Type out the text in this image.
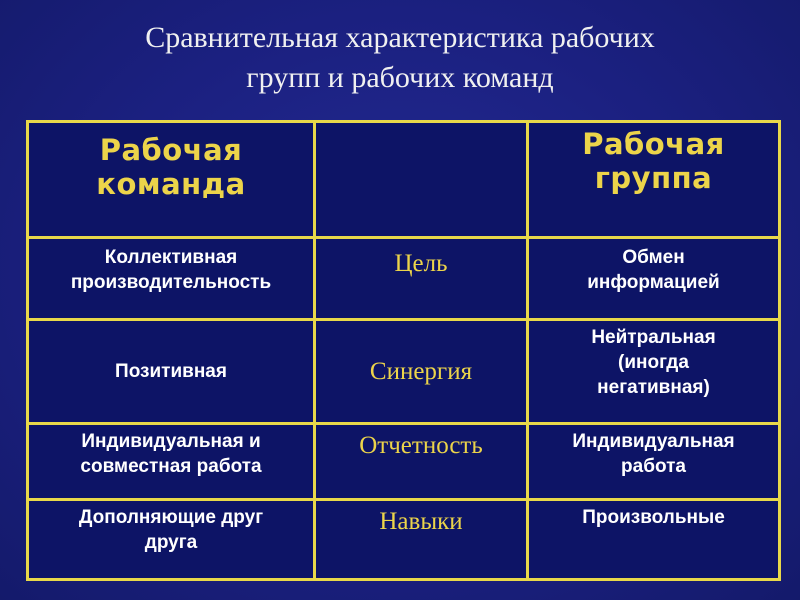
Сравнительная характеристика рабочих
групп и рабочих команд
Рабочая
команда		Рабочая
группа

Коллективная
производительность	Цель	Обмен
информацией

Позитивная	Синергия	Нейтральная
(иногда
негативная)

Индивидуальная и
совместная работа	Отчетность	Индивидуальная
работа

Дополняющие друг
друга	Навыки	Произвольные
